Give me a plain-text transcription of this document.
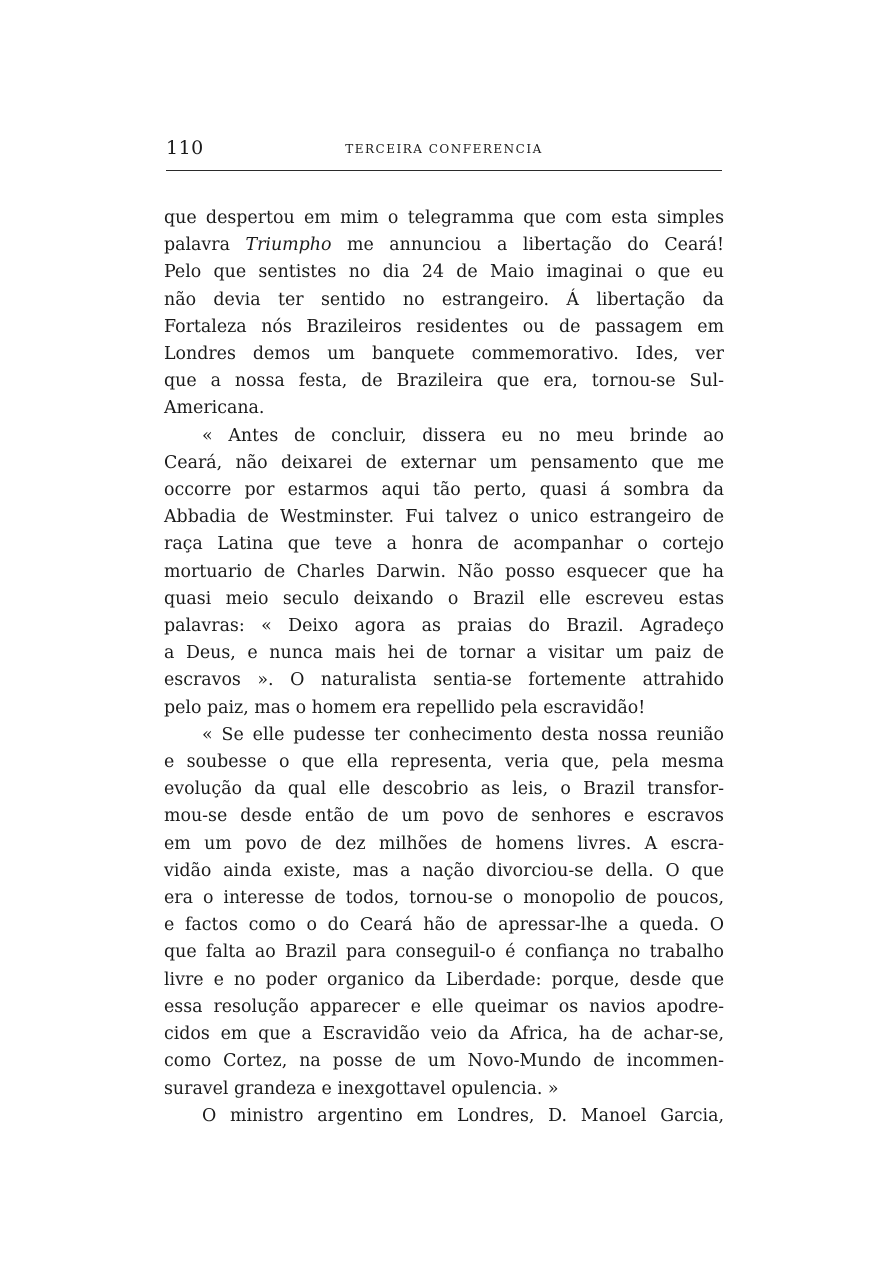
110	TERCEIRA CONFERENCIA

que despertou em mim o telegramma que com esta simples
palavra Triumpho me annunciou a libertação do Ceará!
Pelo que sentistes no dia 24 de Maio imaginai o que eu
não devia ter sentido no estrangeiro. Á libertação da
Fortaleza nós Brazileiros residentes ou de passagem em
Londres demos um banquete commemorativo. Ides, ver
que a nossa festa, de Brazileira que era, tornou-se Sul-
Americana.

« Antes de concluir, dissera eu no meu brinde ao
Ceará, não deixarei de externar um pensamento que me
occorre por estarmos aqui tão perto, quasi á sombra da
Abbadia de Westminster. Fui talvez o unico estrangeiro de
raça Latina que teve a honra de acompanhar o cortejo
mortuario de Charles Darwin. Não posso esquecer que ha
quasi meio seculo deixando o Brazil elle escreveu estas
palavras: « Deixo agora as praias do Brazil. Agradeço
a Deus, e nunca mais hei de tornar a visitar um paiz de
escravos ». O naturalista sentia-se fortemente attrahido
pelo paiz, mas o homem era repellido pela escravidão!

« Se elle pudesse ter conhecimento desta nossa reunião
e soubesse o que ella representa, veria que, pela mesma
evolução da qual elle descobrio as leis, o Brazil transfor-
mou-se desde então de um povo de senhores e escravos
em um povo de dez milhões de homens livres. A escra-
vidão ainda existe, mas a nação divorciou-se della. O que
era o interesse de todos, tornou-se o monopolio de poucos,
e factos como o do Ceará hão de apressar-lhe a queda. O
que falta ao Brazil para conseguil-o é confiança no trabalho
livre e no poder organico da Liberdade: porque, desde que
essa resolução apparecer e elle queimar os navios apodre-
cidos em que a Escravidão veio da Africa, ha de achar-se,
como Cortez, na posse de um Novo-Mundo de incommen-
suravel grandeza e inexgottavel opulencia. »

O ministro argentino em Londres, D. Manoel Garcia,
